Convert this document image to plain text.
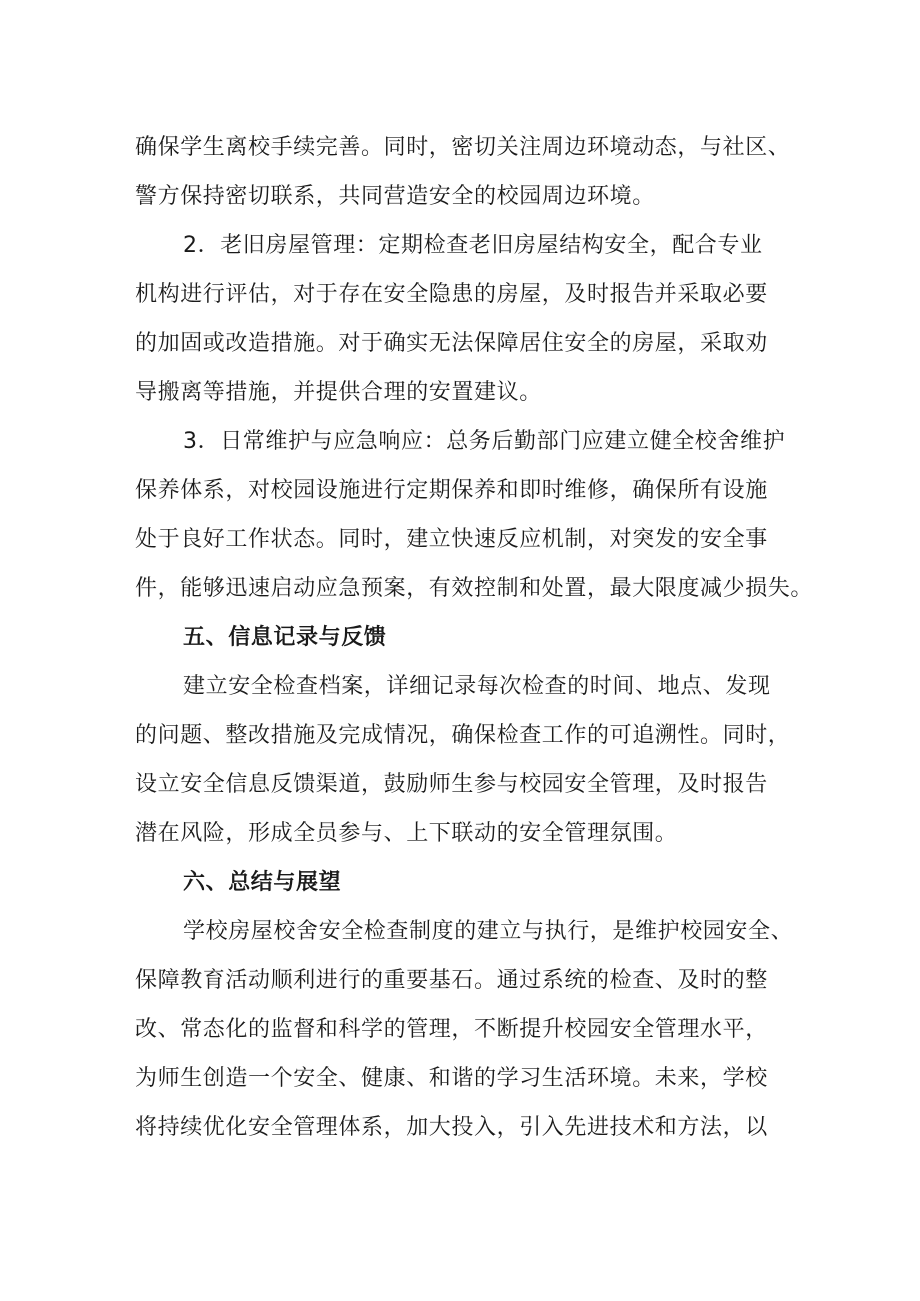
确保学生离校手续完善。同时，密切关注周边环境动态，与社区、
警方保持密切联系，共同营造安全的校园周边环境。
2．老旧房屋管理：定期检查老旧房屋结构安全，配合专业
机构进行评估，对于存在安全隐患的房屋，及时报告并采取必要
的加固或改造措施。对于确实无法保障居住安全的房屋，采取劝
导搬离等措施，并提供合理的安置建议。
3．日常维护与应急响应：总务后勤部门应建立健全校舍维护
保养体系，对校园设施进行定期保养和即时维修，确保所有设施
处于良好工作状态。同时，建立快速反应机制，对突发的安全事
件，能够迅速启动应急预案，有效控制和处置，最大限度减少损失。
五、信息记录与反馈
建立安全检查档案，详细记录每次检查的时间、地点、发现
的问题、整改措施及完成情况，确保检查工作的可追溯性。同时，
设立安全信息反馈渠道，鼓励师生参与校园安全管理，及时报告
潜在风险，形成全员参与、上下联动的安全管理氛围。
六、总结与展望
学校房屋校舍安全检查制度的建立与执行，是维护校园安全、
保障教育活动顺利进行的重要基石。通过系统的检查、及时的整
改、常态化的监督和科学的管理，不断提升校园安全管理水平，
为师生创造一个安全、健康、和谐的学习生活环境。未来，学校
将持续优化安全管理体系，加大投入，引入先进技术和方法，以
